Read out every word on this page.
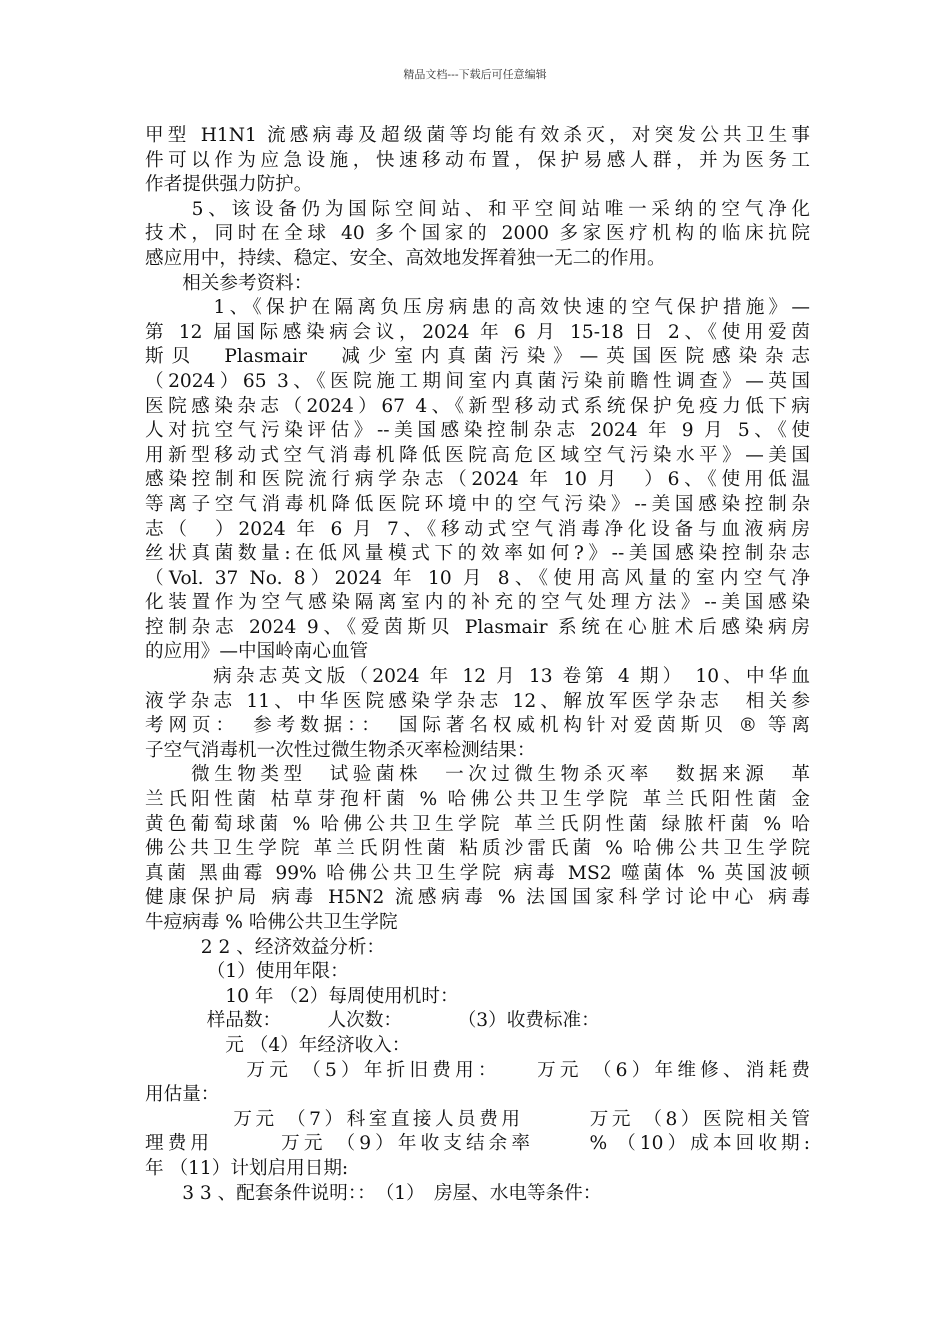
精品文档---下载后可任意编辑
甲型 H1N1 流感病毒及超级菌等均能有效杀灭，对突发公共卫生事
件可以作为应急设施，快速移动布置，保护易感人群，并为医务工
作者提供强力防护。
　　5、该设备仍为国际空间站、和平空间站唯一采纳的空气净化
技术，同时在全球 40 多个国家的 2000 多家医疗机构的临床抗院
感应用中，持续、稳定、安全、高效地发挥着独一无二的作用。
　　相关参考资料：
　　　1、《保护在隔离负压房病患的高效快速的空气保护措施》—
第 12 届国际感染病会议，2024 年 6 月 15-18 日 2、《使用爱茵
斯贝　Plasmair　减少室内真菌污染》—英国医院感染杂志
（2024）65 3、《医院施工期间室内真菌污染前瞻性调查》—英国
医院感染杂志（2024）67 4、《新型移动式系统保护免疫力低下病
人对抗空气污染评估》--美国感染控制杂志 2024 年 9 月 5、《使
用新型移动式空气消毒机降低医院高危区域空气污染水平》—美国
感染控制和医院流行病学杂志（2024 年 10 月　）6、《使用低温
等离子空气消毒机降低医院环境中的空气污染》--美国感染控制杂
志（　）2024 年 6 月 7、《移动式空气消毒净化设备与血液病房
丝状真菌数量:在低风量模式下的效率如何?》--美国感染控制杂志
（Vol. 37 No. 8）2024 年 10 月 8、《使用高风量的室内空气净
化装置作为空气感染隔离室内的补充的空气处理方法》--美国感染
控制杂志 2024 9、《爱茵斯贝 Plasmair 系统在心脏术后感染病房
的应用》—中国岭南心血管
　　　病杂志英文版（2024 年 12 月 13 卷第 4 期） 10、中华血
液学杂志 11、中华医院感染学杂志 12、解放军医学杂志　相关参
考网页：　参考数据：：　国际著名权威机构针对爱茵斯贝 ® 等离
子空气消毒机一次性过微生物杀灭率检测结果：
　　微生物类型　试验菌株　一次过微生物杀灭率　数据来源　革
兰氏阳性菌 枯草芽孢杆菌 % 哈佛公共卫生学院 革兰氏阳性菌 金
黄色葡萄球菌 % 哈佛公共卫生学院 革兰氏阴性菌 绿脓杆菌 % 哈
佛公共卫生学院 革兰氏阴性菌 粘质沙雷氏菌 % 哈佛公共卫生学院
真菌 黑曲霉 99% 哈佛公共卫生学院 病毒 MS2 噬菌体 % 英国波顿
健康保护局 病毒 H5N2 流感病毒 % 法国国家科学讨论中心 病毒
牛痘病毒 % 哈佛公共卫生学院
　　　2 2 、经济效益分析：
　　　 （1）使用年限：
　　　　 10 年 （2）每周使用机时：
　　　 样品数：　　　人次数：　　　　（3）收费标准：
　　　　 元 （4）年经济收入：
　　　　 万元 （5）年折旧费用：　　万元 （6）年维修、消耗费
用估量：
　　　　万元 （7）科室直接人员费用　　　万元 （8）医院相关管
理费用　　　万元 （9）年收支结余率　　 % （10）成本回收期:
年 （11）计划启用日期:
　　3 3 、配套条件说明：：　（1）　房屋、水电等条件：
